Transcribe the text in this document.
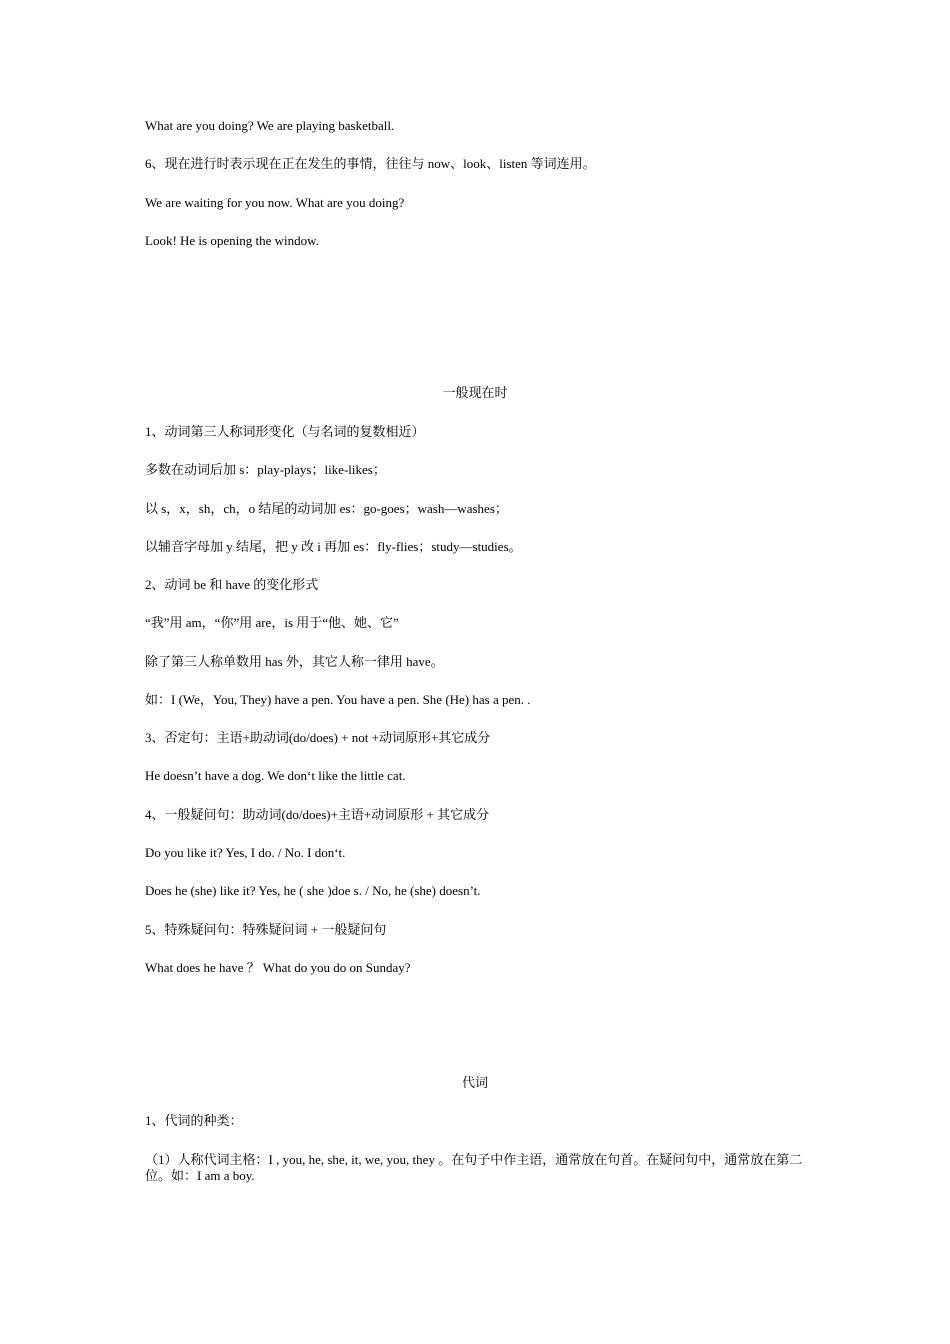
What are you doing? We are playing basketball.
6、现在进行时表示现在正在发生的事情，往往与 now、look、listen 等词连用。
We are waiting for you now. What are you doing?
Look! He is opening the window.
一般现在时
1、动词第三人称词形变化（与名词的复数相近）
多数在动词后加 s：play-plays；like-likes；
以 s，x，sh，ch，o 结尾的动词加 es：go-goes；wash—washes；
以辅音字母加 y 结尾，把 y 改 i 再加 es：fly-flies；study—studies。
2、动词 be 和 have 的变化形式
“我”用 am，“你”用 are，is 用于“他、她、它”
除了第三人称单数用 has 外，其它人称一律用 have。
如：I (We，You, They) have a pen. You have a pen. She (He) has a pen. .
3、否定句：主语+助动词(do/does) + not +动词原形+其它成分
He doesn’t have a dog. We don‘t like the little cat.
4、一般疑问句：助动词(do/does)+主语+动词原形 + 其它成分
Do you like it? Yes, I do. / No. I don‘t.
Does he (she) like it? Yes, he ( she )doe s. / No, he (she) doesn’t.
5、特殊疑问句：特殊疑问词 + 一般疑问句
What does he have ？ What do you do on Sunday?
代词
1、代词的种类：
（1）人称代词主格：I , you, he, she, it, we, you, they 。在句子中作主语，通常放在句首。在疑问句中，通常放在第二位。如：I am a boy.
